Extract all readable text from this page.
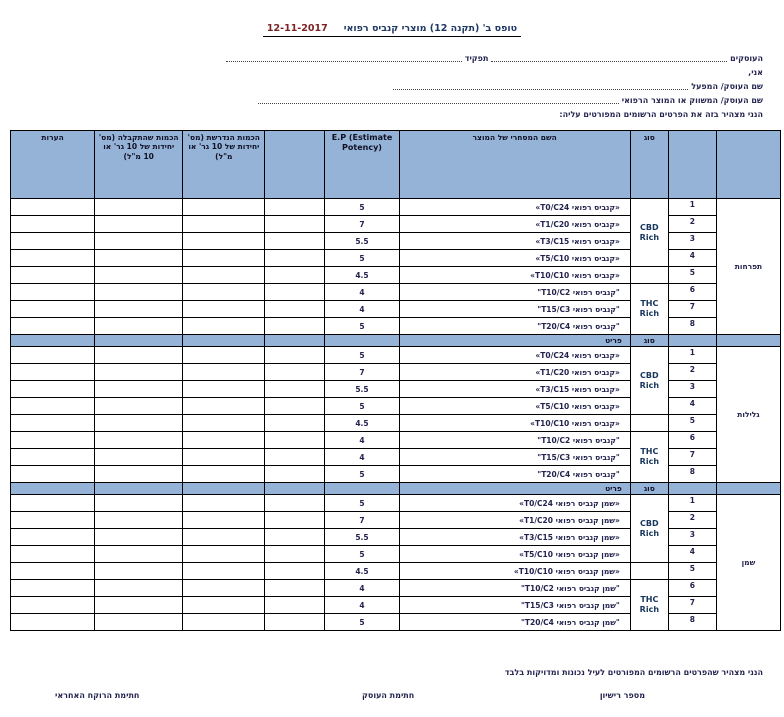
טופס ב' (תקנה 12) מוצרי קנביס רפואי12-11-2017
העוסקים
תפקיד
אני,
שם העוסק/ המפעל
שם העוסק/ המשווק או המוצר הרפואי
הנני מצהיר בזה את הפרטים הרשומים המפורטים עליה:
		סוג	השם המסחרי של המוצר	E.P (Estimate Potency)		הכמות הנדרשת (מס' יחידות של 10 גר' או מ"ל)	הכמות שהתקבלה (מס' יחידות של 10 גר' או 10 מ"ל)	הערות
תפרחות	1	CBD Rich	«קנביס רפואי T0/C24»	5				
	2		«קנביס רפואי T1/C20»	7				
	3		«קנביס רפואי T3/C15»	5.5				
	4		«קנביס רפואי T5/C10»	5				
	5		«קנביס רפואי T10/C10»	4.5				
	6	THC Rich	"קנביס רפואי T10/C2"	4				
	7		"קנביס רפואי T15/C3"	4				
	8		"קנביס רפואי T20/C4"	5				
		סוג	פריט					
גלילות	1	CBD Rich	«קנביס רפואי T0/C24»	5				
	2		«קנביס רפואי T1/C20»	7				
	3		«קנביס רפואי T3/C15»	5.5				
	4		«קנביס רפואי T5/C10»	5				
	5		«קנביס רפואי T10/C10»	4.5				
	6	THC Rich	"קנביס רפואי T10/C2"	4				
	7		"קנביס רפואי T15/C3"	4				
	8		"קנביס רפואי T20/C4"	5				
		סוג	פריט					
שמן	1	CBD Rich	«שמן קנביס רפואי T0/C24»	5				
	2		«שמן קנביס רפואי T1/C20»	7				
	3		«שמן קנביס רפואי T3/C15»	5.5				
	4		«שמן קנביס רפואי T5/C10»	5				
	5		«שמן קנביס רפואי T10/C10»	4.5				
	6	THC Rich	"שמן קנביס רפואי T10/C2"	4				
	7		"שמן קנביס רפואי T15/C3"	4				
	8		"שמן קנביס רפואי T20/C4"	5				
הנני מצהיר שהפרטים הרשומים המפורטים לעיל נכונות ומדויקות בלבד
מספר רישיון
חתימת העוסק
חתימת הרוקח האחראי
